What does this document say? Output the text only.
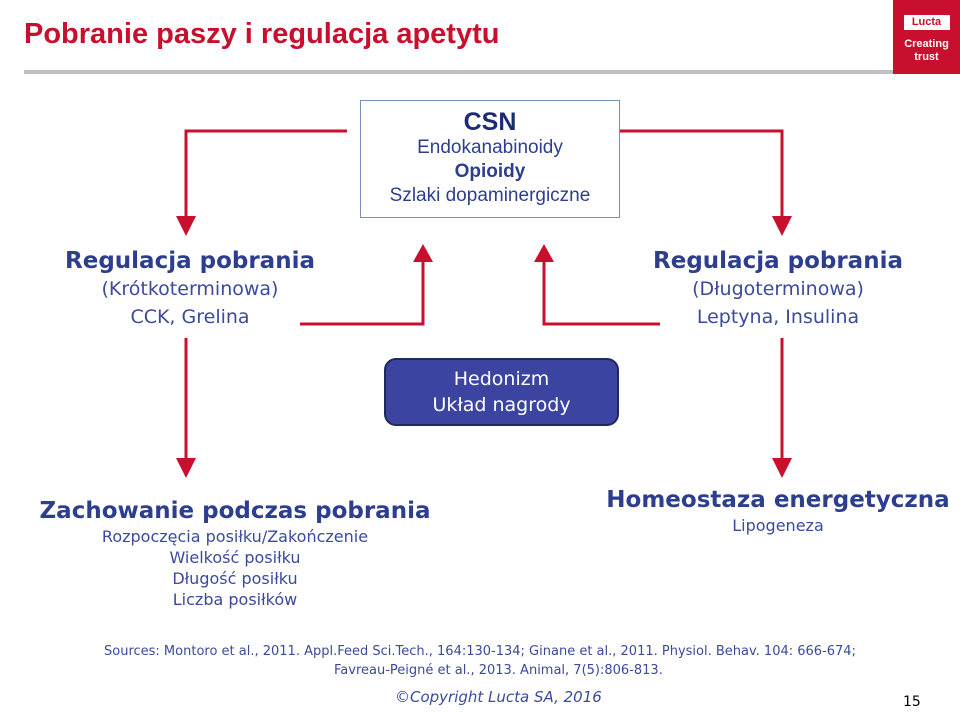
Pobranie paszy i regulacja apetytu	Lucta
Creating
trust
CSN
Endokanabinoidy
Opioidy
Szlaki dopaminergiczne
Regulacja pobrania
(Krótkoterminowa)
CCK, Grelina
Regulacja pobrania
(Długoterminowa)
Leptyna, Insulina
Hedonizm
Układ nagrody
Zachowanie podczas pobrania
Rozpoczęcia posiłku/Zakończenie
Wielkość posiłku
Długość posiłku
Liczba posiłków
Homeostaza energetyczna
Lipogeneza
Sources: Montoro et al., 2011. Appl.Feed Sci.Tech., 164:130-134; Ginane et al., 2011. Physiol. Behav. 104: 666-674;
Favreau-Peigné et al., 2013. Animal, 7(5):806-813.
©Copyright Lucta SA, 2016	15
